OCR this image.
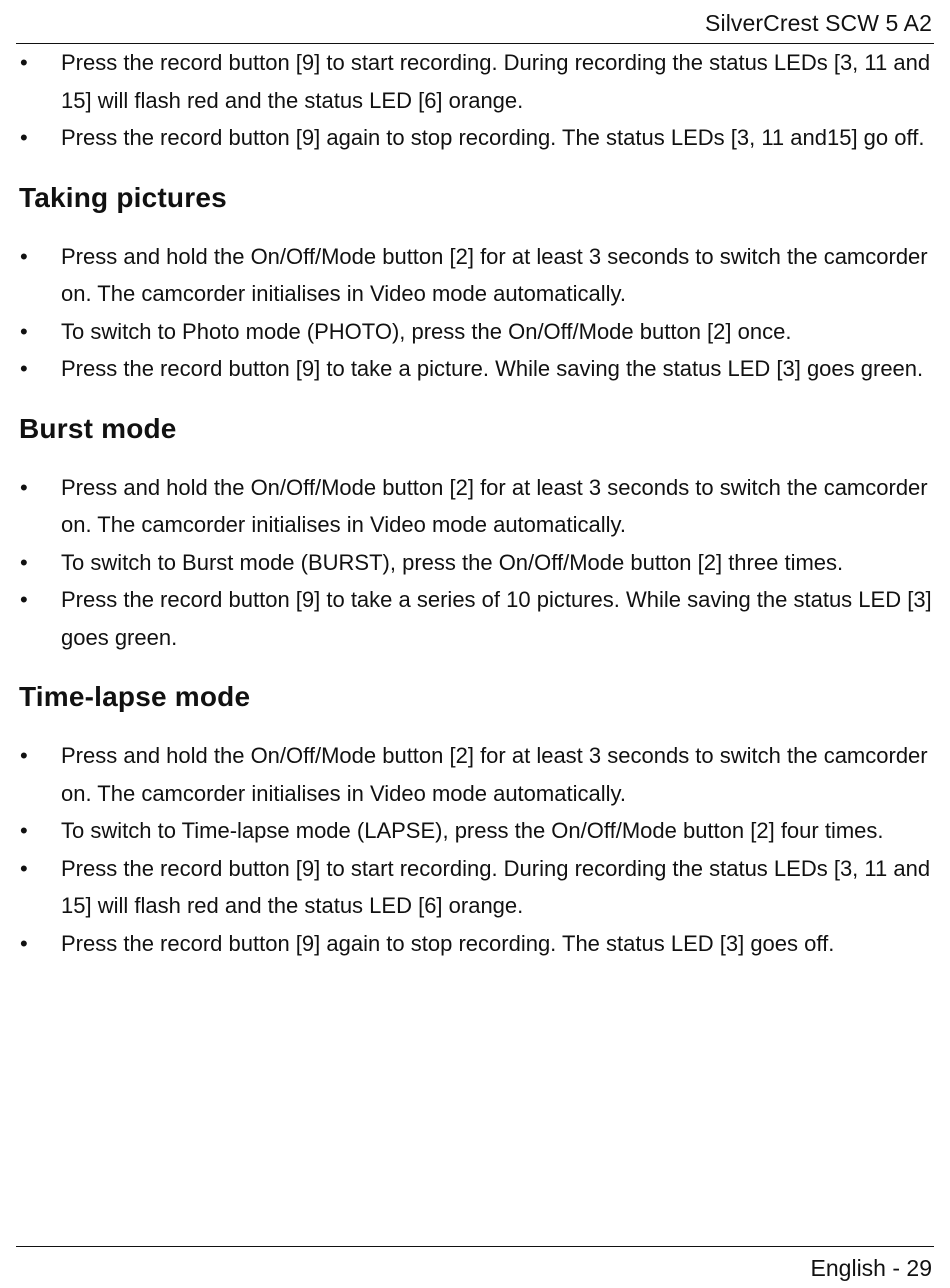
SilverCrest SCW 5 A2
• Press the record button [9] to start recording. During recording the status LEDs [3, 11 and 15] will flash red and the status LED [6] orange.
• Press the record button [9] again to stop recording. The status LEDs [3, 11 and15] go off.
Taking pictures
• Press and hold the On/Off/Mode button [2] for at least 3 seconds to switch the camcorder on. The camcorder initialises in Video mode automatically.
• To switch to Photo mode (PHOTO), press the On/Off/Mode button [2] once.
• Press the record button [9] to take a picture. While saving the status LED [3] goes green.
Burst mode
• Press and hold the On/Off/Mode button [2] for at least 3 seconds to switch the camcorder on. The camcorder initialises in Video mode automatically.
• To switch to Burst mode (BURST), press the On/Off/Mode button [2] three times.
• Press the record button [9] to take a series of 10 pictures. While saving the status LED [3] goes green.
Time-lapse mode
• Press and hold the On/Off/Mode button [2] for at least 3 seconds to switch the camcorder on. The camcorder initialises in Video mode automatically.
• To switch to Time-lapse mode (LAPSE), press the On/Off/Mode button [2] four times.
• Press the record button [9] to start recording. During recording the status LEDs [3, 11 and 15] will flash red and the status LED [6] orange.
• Press the record button [9] again to stop recording. The status LED [3] goes off.
English - 29
